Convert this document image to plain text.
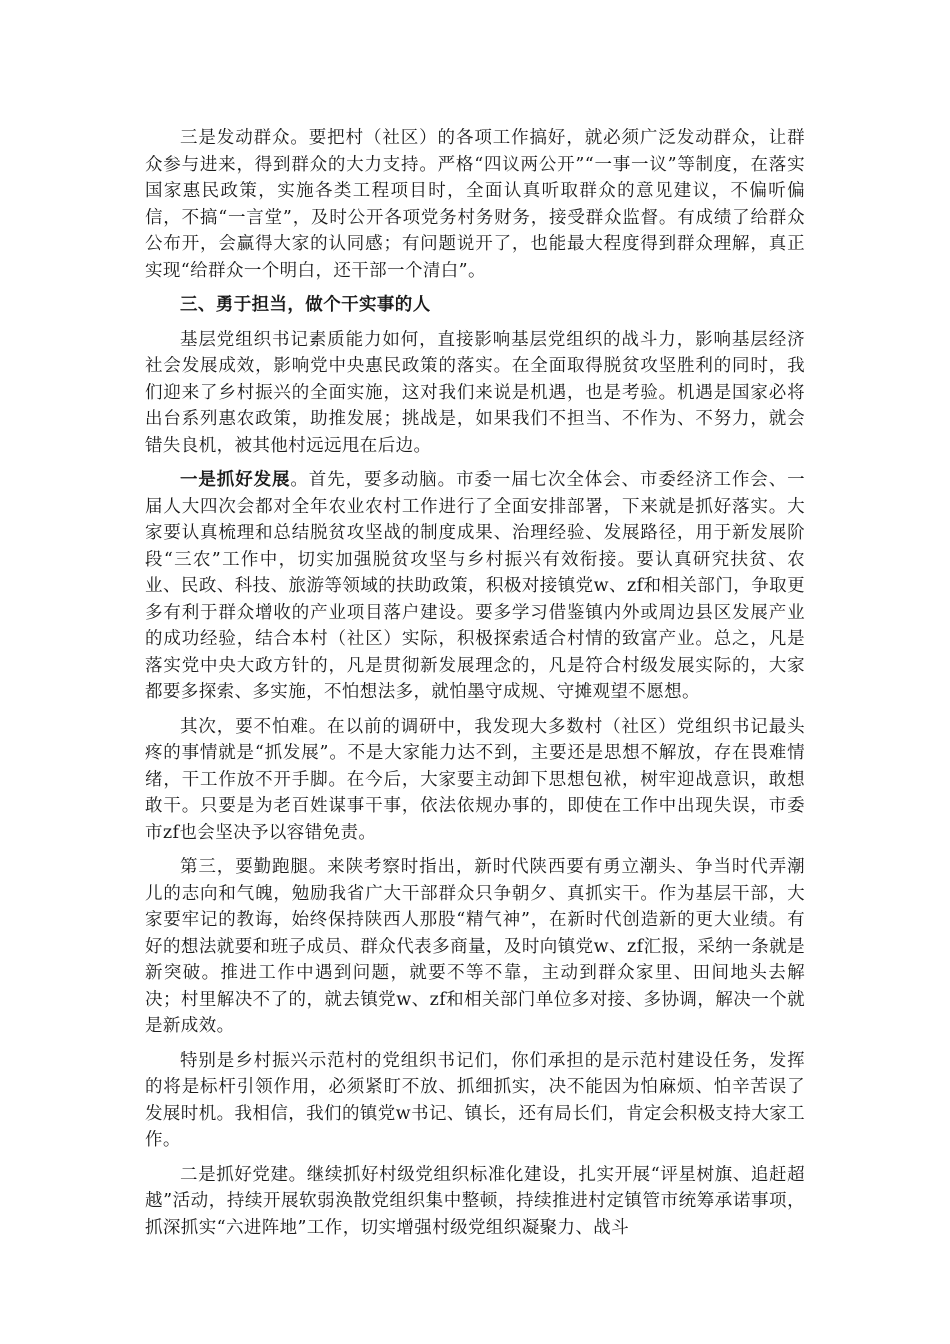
三是发动群众。要把村（社区）的各项工作搞好，就必须广泛发动群众，让群众参与进来，得到群众的大力支持。严格“四议两公开”“一事一议”等制度，在落实国家惠民政策，实施各类工程项目时，全面认真听取群众的意见建议，不偏听偏信，不搞“一言堂”，及时公开各项党务村务财务，接受群众监督。有成绩了给群众公布开，会赢得大家的认同感；有问题说开了，也能最大程度得到群众理解，真正实现“给群众一个明白，还干部一个清白”。

三、勇于担当，做个干实事的人

基层党组织书记素质能力如何，直接影响基层党组织的战斗力，影响基层经济社会发展成效，影响党中央惠民政策的落实。在全面取得脱贫攻坚胜利的同时，我们迎来了乡村振兴的全面实施，这对我们来说是机遇，也是考验。机遇是国家必将出台系列惠农政策，助推发展；挑战是，如果我们不担当、不作为、不努力，就会错失良机，被其他村远远甩在后边。

一是抓好发展。首先，要多动脑。市委一届七次全体会、市委经济工作会、一届人大四次会都对全年农业农村工作进行了全面安排部署，下来就是抓好落实。大家要认真梳理和总结脱贫攻坚战的制度成果、治理经验、发展路径，用于新发展阶段“三农”工作中，切实加强脱贫攻坚与乡村振兴有效衔接。要认真研究扶贫、农业、民政、科技、旅游等领域的扶助政策，积极对接镇党w、zf和相关部门，争取更多有利于群众增收的产业项目落户建设。要多学习借鉴镇内外或周边县区发展产业的成功经验，结合本村（社区）实际，积极探索适合村情的致富产业。总之，凡是落实党中央大政方针的，凡是贯彻新发展理念的，凡是符合村级发展实际的，大家都要多探索、多实施，不怕想法多，就怕墨守成规、守摊观望不愿想。

其次，要不怕难。在以前的调研中，我发现大多数村（社区）党组织书记最头疼的事情就是“抓发展”。不是大家能力达不到，主要还是思想不解放，存在畏难情绪，干工作放不开手脚。在今后，大家要主动卸下思想包袱，树牢迎战意识，敢想敢干。只要是为老百姓谋事干事，依法依规办事的，即使在工作中出现失误，市委市zf也会坚决予以容错免责。

第三，要勤跑腿。来陕考察时指出，新时代陕西要有勇立潮头、争当时代弄潮儿的志向和气魄，勉励我省广大干部群众只争朝夕、真抓实干。作为基层干部，大家要牢记的教诲，始终保持陕西人那股“精气神”，在新时代创造新的更大业绩。有好的想法就要和班子成员、群众代表多商量，及时向镇党w、zf汇报，采纳一条就是新突破。推进工作中遇到问题，就要不等不靠，主动到群众家里、田间地头去解决；村里解决不了的，就去镇党w、zf和相关部门单位多对接、多协调，解决一个就是新成效。

特别是乡村振兴示范村的党组织书记们，你们承担的是示范村建设任务，发挥的将是标杆引领作用，必须紧盯不放、抓细抓实，决不能因为怕麻烦、怕辛苦误了发展时机。我相信，我们的镇党w书记、镇长，还有局长们，肯定会积极支持大家工作。

二是抓好党建。继续抓好村级党组织标准化建设，扎实开展“评星树旗、追赶超越”活动，持续开展软弱涣散党组织集中整顿，持续推进村定镇管市统筹承诺事项，抓深抓实“六进阵地”工作，切实增强村级党组织凝聚力、战斗
